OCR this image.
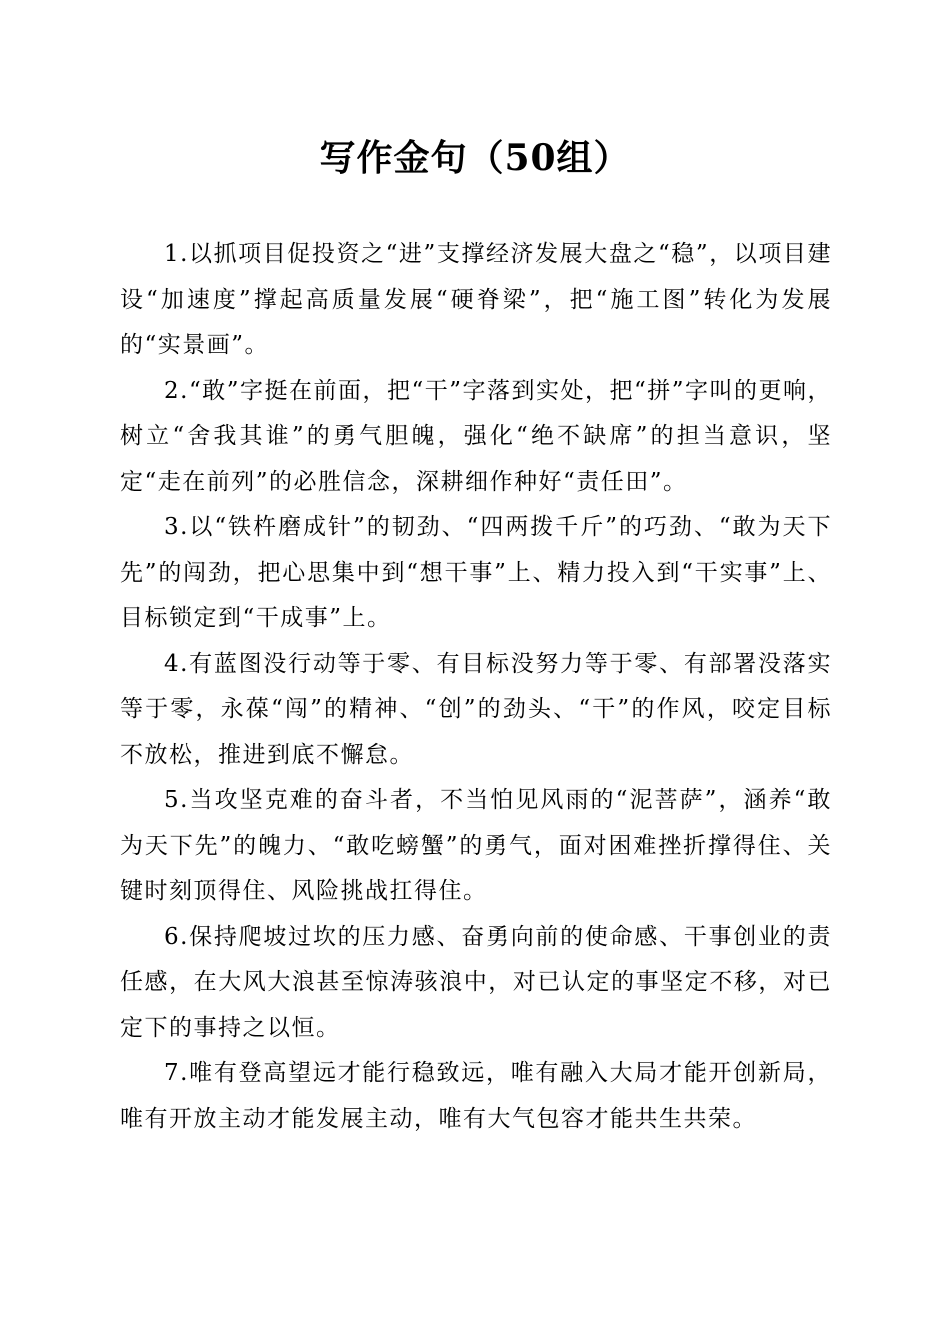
写作金句（50组）

1.以抓项目促投资之“进”支撑经济发展大盘之“稳”，以项目建设“加速度”撑起高质量发展“硬脊梁”，把“施工图”转化为发展的“实景画”。

2.“敢”字挺在前面，把“干”字落到实处，把“拼”字叫的更响，树立“舍我其谁”的勇气胆魄，强化“绝不缺席”的担当意识，坚定“走在前列”的必胜信念，深耕细作种好“责任田”。

3.以“铁杵磨成针”的韧劲、“四两拨千斤”的巧劲、“敢为天下先”的闯劲，把心思集中到“想干事”上、精力投入到“干实事”上、目标锁定到“干成事”上。

4.有蓝图没行动等于零、有目标没努力等于零、有部署没落实等于零，永葆“闯”的精神、“创”的劲头、“干”的作风，咬定目标不放松，推进到底不懈怠。

5.当攻坚克难的奋斗者，不当怕见风雨的“泥菩萨”，涵养“敢为天下先”的魄力、“敢吃螃蟹”的勇气，面对困难挫折撑得住、关键时刻顶得住、风险挑战扛得住。

6.保持爬坡过坎的压力感、奋勇向前的使命感、干事创业的责任感，在大风大浪甚至惊涛骇浪中，对已认定的事坚定不移，对已定下的事持之以恒。

7.唯有登高望远才能行稳致远，唯有融入大局才能开创新局，唯有开放主动才能发展主动，唯有大气包容才能共生共荣。
